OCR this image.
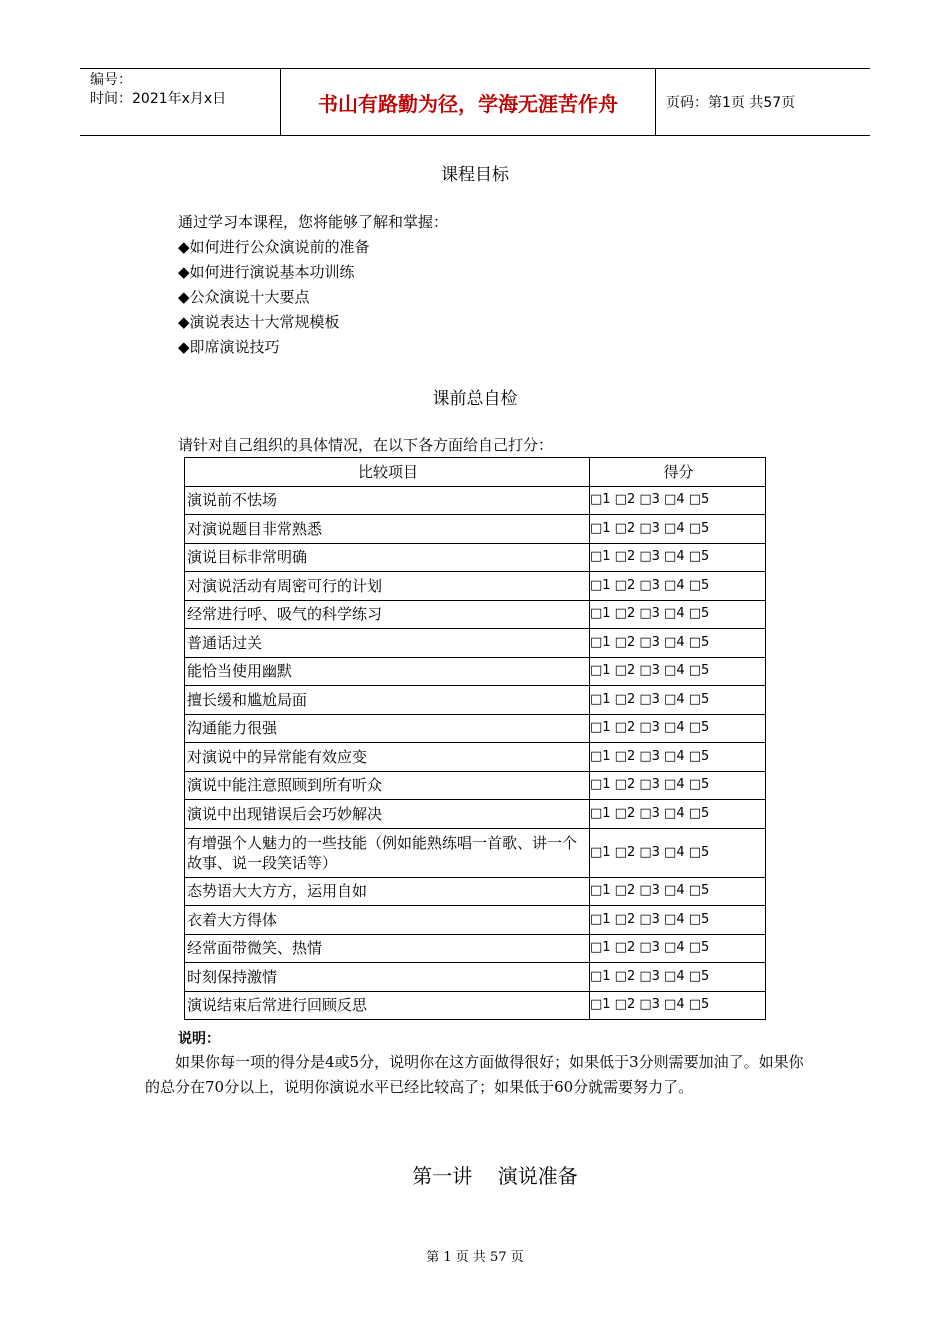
编号：
时间：2021年x月x日	书山有路勤为径，学海无涯苦作舟	页码：第1页 共57页
课程目标
通过学习本课程，您将能够了解和掌握：
◆ 如何进行公众演说前的准备
◆ 如何进行演说基本功训练
◆ 公众演说十大要点
◆ 演说表达十大常规模板
◆ 即席演说技巧
课前总自检
请针对自己组织的具体情况，在以下各方面给自己打分：
比较项目	得分
演说前不怯场	□1 □2 □3 □4 □5
对演说题目非常熟悉	□1 □2 □3 □4 □5
演说目标非常明确	□1 □2 □3 □4 □5
对演说活动有周密可行的计划	□1 □2 □3 □4 □5
经常进行呼、吸气的科学练习	□1 □2 □3 □4 □5
普通话过关	□1 □2 □3 □4 □5
能恰当使用幽默	□1 □2 □3 □4 □5
擅长缓和尴尬局面	□1 □2 □3 □4 □5
沟通能力很强	□1 □2 □3 □4 □5
对演说中的异常能有效应变	□1 □2 □3 □4 □5
演说中能注意照顾到所有听众	□1 □2 □3 □4 □5
演说中出现错误后会巧妙解决	□1 □2 □3 □4 □5
有增强个人魅力的一些技能（例如能熟练唱一首歌、讲一个故事、说一段笑话等）	□1 □2 □3 □4 □5
态势语大大方方，运用自如	□1 □2 □3 □4 □5
衣着大方得体	□1 □2 □3 □4 □5
经常面带微笑、热情	□1 □2 □3 □4 □5
时刻保持激情	□1 □2 □3 □4 □5
演说结束后常进行回顾反思	□1 □2 □3 □4 □5
说明：
如果你每一项的得分是4或5分，说明你在这方面做得很好；如果低于3分则需要加油了。如果你的总分在70分以上，说明你演说水平已经比较高了；如果低于60分就需要努力了。
第一讲    演说准备
第 1 页 共 57 页
